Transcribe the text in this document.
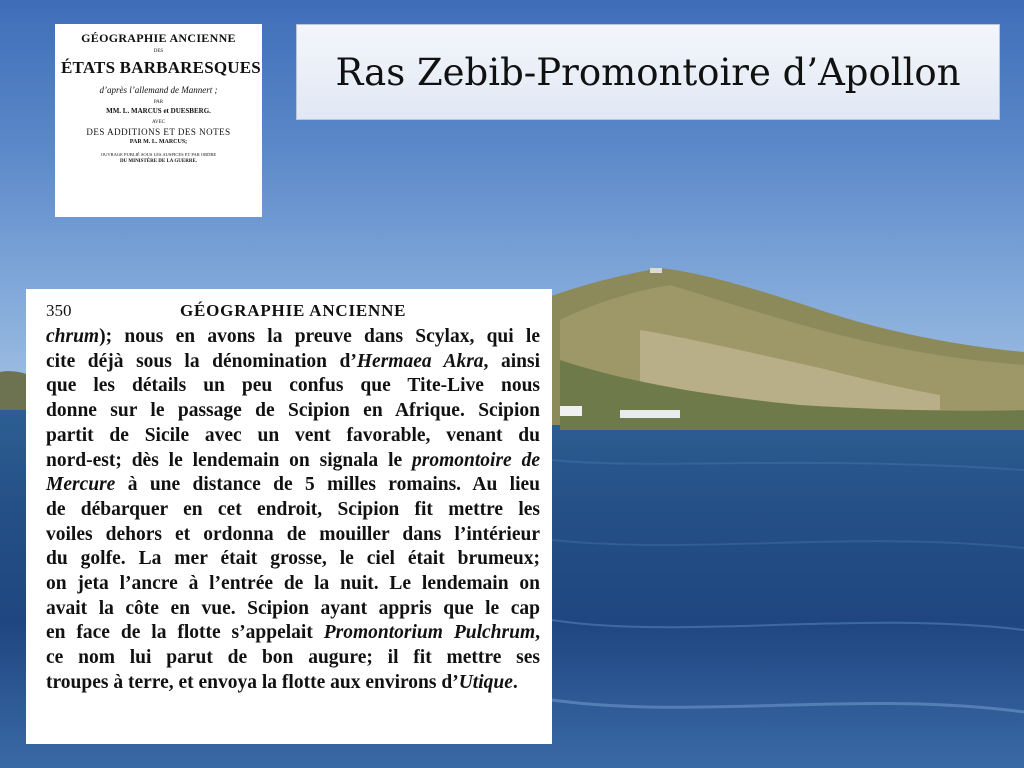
GÉOGRAPHIE ANCIENNE
DES
ÉTATS BARBARESQUES
d’après l’allemand de Mannert ;
PAR
MM. L. MARCUS et DUESBERG.
AVEC
DES ADDITIONS ET DES NOTES
PAR M. L. MARCUS;
OUVRAGE PUBLIÉ SOUS LES AUSPICES ET PAR ORDRE
DU MINISTÈRE DE LA GUERRE.
Ras Zebib-Promontoire d’Apollon
350	GÉOGRAPHIE ANCIENNE
chrum); nous en avons la preuve dans Scylax, qui le
cite déjà sous la dénomination d’Hermaea Akra, ainsi
que les détails un peu confus que Tite-Live nous
donne sur le passage de Scipion en Afrique. Scipion
partit de Sicile avec un vent favorable, venant du
nord-est; dès le lendemain on signala le promontoire de
Mercure à une distance de 5 milles romains. Au lieu
de débarquer en cet endroit, Scipion fit mettre les
voiles dehors et ordonna de mouiller dans l’intérieur
du golfe. La mer était grosse, le ciel était brumeux;
on jeta l’ancre à l’entrée de la nuit. Le lendemain on
avait la côte en vue. Scipion ayant appris que le cap
en face de la flotte s’appelait Promontorium Pulchrum,
ce nom lui parut de bon augure; il fit mettre ses
troupes à terre, et envoya la flotte aux environs d’Utique.
